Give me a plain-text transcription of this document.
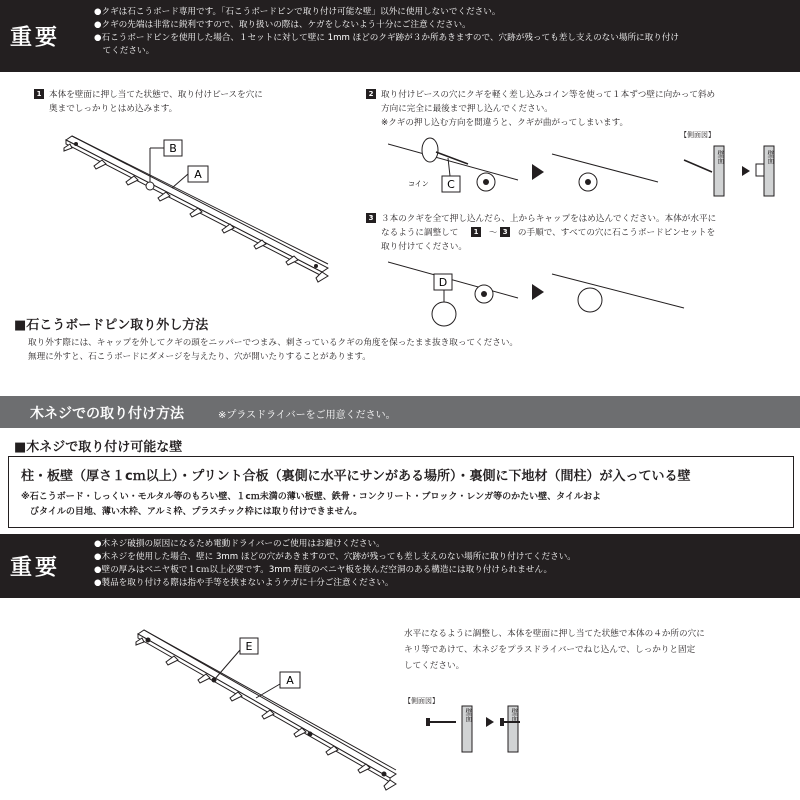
重要
●クギは石こうボード専用です。「石こうボードピンで取り付け可能な壁」以外に使用しないでください。
●クギの先端は非常に鋭利ですので、取り扱いの際は、ケガをしないよう十分にご注意ください。
●石こうボードピンを使用した場合、１セットに対して壁に 1mm ほどのクギ跡が３か所あきますので、穴跡が残っても差し支えのない場所に取り付け
　てください。
1 本体を壁面に押し当てた状態で、取り付けピースを穴に
奥までしっかりとはめ込みます。
B
A
2 取り付けピースの穴にクギを軽く差し込みコイン等を使って１本ずつ壁に向かって斜め
方向に完全に最後まで押し込んでください。
※クギの押し込む方向を間違うと、クギが曲がってしまいます。
コイン C
【側面図】
壁面	壁面
3 ３本のクギを全て押し込んだら、上からキャップをはめ込んでください。本体が水平に
なるように調整して 1 ～ 3 の手順で、すべての穴に石こうボードピンセットを
取り付けてください。
D
■石こうボードピン取り外し方法
取り外す際には、キャップを外してクギの頭をニッパーでつまみ、刺さっているクギの角度を保ったまま抜き取ってください。
無理に外すと、石こうボードにダメージを与えたり、穴が開いたりすることがあります。
木ネジでの取り付け方法	※プラスドライバーをご用意ください。
■木ネジで取り付け可能な壁
柱・板壁（厚さ１cｍ以上）・プリント合板（裏側に水平にサンがある場所）・裏側に下地材（間柱）が入っている壁
※石こうボード・しっくい・モルタル等のもろい壁、１cｍ未満の薄い板壁、鉄骨・コンクリート・ブロック・レンガ等のかたい壁、タイルおよ
　びタイルの目地、薄い木枠、アルミ枠、プラスチック枠には取り付けできません。
重要
●木ネジ破損の原因になるため電動ドライバーのご使用はお避けください。
●木ネジを使用した場合、壁に 3mm ほどの穴があきますので、穴跡が残っても差し支えのない場所に取り付けてください。
●壁の厚みはベニヤ板で１cｍ以上必要です。3mm 程度のベニヤ板を挟んだ空洞のある構造には取り付けられません。
●製品を取り付ける際は指や手等を挟まないようケガに十分ご注意ください。
E
A
水平になるように調整し、本体を壁面に押し当てた状態で本体の４か所の穴に
キリ等であけて、木ネジをプラスドライバーでねじ込んで、しっかりと固定
してください。
【側面図】
壁面	壁面
